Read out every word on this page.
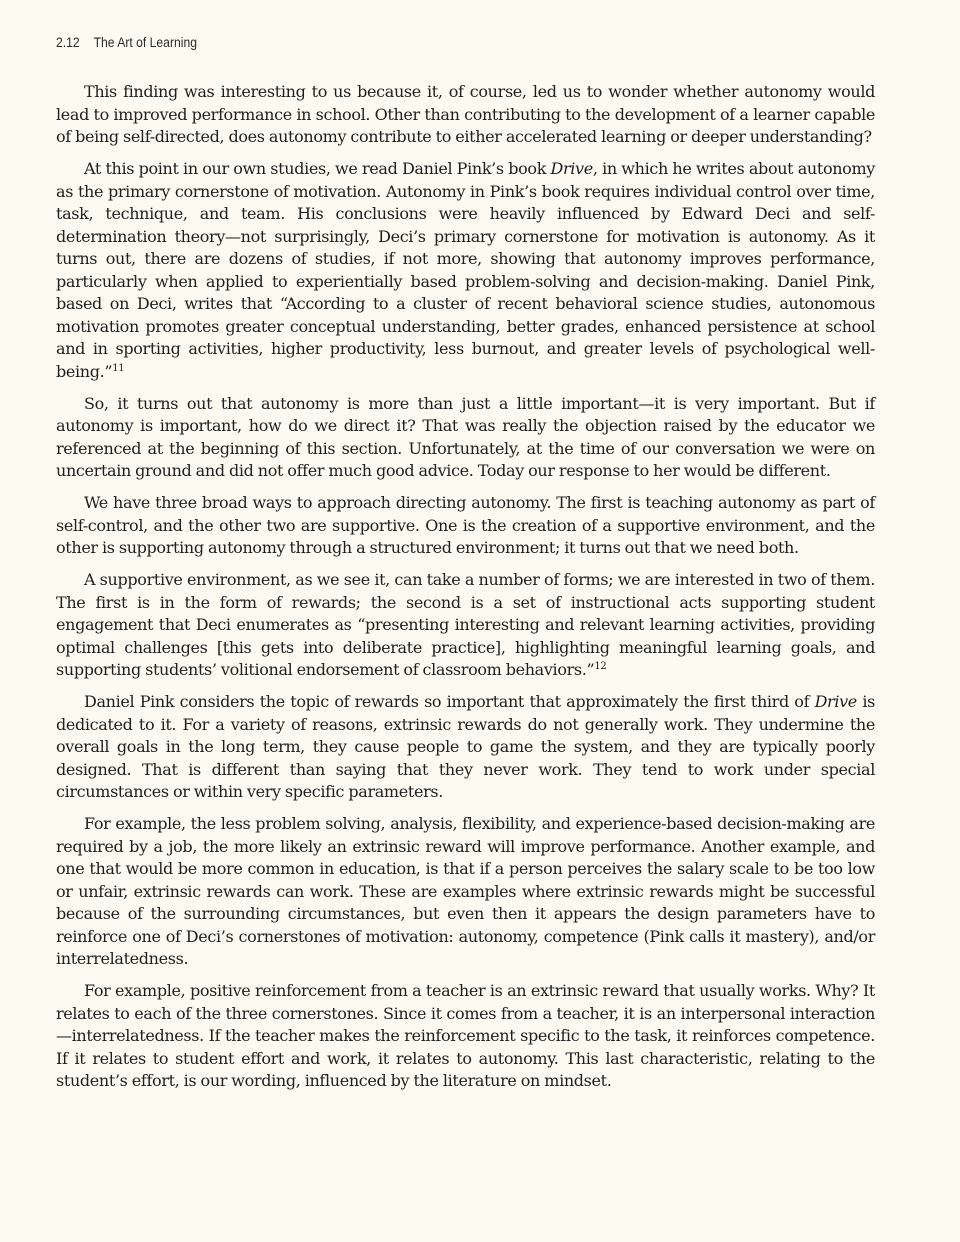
2.12 The Art of Learning

This finding was interesting to us because it, of course, led us to wonder whether autonomy would lead to improved performance in school. Other than contributing to the development of a learner capable of being self-directed, does autonomy contribute to either accelerated learning or deeper understanding?

At this point in our own studies, we read Daniel Pink’s book Drive, in which he writes about autonomy as the primary cornerstone of motivation. Autonomy in Pink’s book requires individual control over time, task, technique, and team. His conclusions were heavily influenced by Edward Deci and self-determination theory—not surprisingly, Deci’s primary cornerstone for motivation is autonomy. As it turns out, there are dozens of studies, if not more, showing that autonomy improves performance, particularly when applied to experientially based problem-solving and decision-making. Daniel Pink, based on Deci, writes that “According to a cluster of recent behavioral science studies, autonomous motivation promotes greater conceptual understanding, better grades, enhanced persistence at school and in sporting activities, higher productivity, less burnout, and greater levels of psychological well-being.”$^{11}$

So, it turns out that autonomy is more than just a little important—it is very important. But if autonomy is important, how do we direct it? That was really the objection raised by the educator we referenced at the beginning of this section. Unfortunately, at the time of our conversation we were on uncertain ground and did not offer much good advice. Today our response to her would be different.

We have three broad ways to approach directing autonomy. The first is teaching autonomy as part of self-control, and the other two are supportive. One is the creation of a supportive environment, and the other is supporting autonomy through a structured environment; it turns out that we need both.

A supportive environment, as we see it, can take a number of forms; we are interested in two of them. The first is in the form of rewards; the second is a set of instructional acts supporting student engagement that Deci enumerates as “presenting interesting and relevant learning activities, providing optimal challenges [this gets into deliberate practice], highlighting meaningful learning goals, and supporting students’ volitional endorsement of classroom behaviors.”$^{12}$

Daniel Pink considers the topic of rewards so important that approximately the first third of Drive is dedicated to it. For a variety of reasons, extrinsic rewards do not generally work. They undermine the overall goals in the long term, they cause people to game the system, and they are typically poorly designed. That is different than saying that they never work. They tend to work under special circumstances or within very specific parameters.

For example, the less problem solving, analysis, flexibility, and experience-based decision-making are required by a job, the more likely an extrinsic reward will improve performance. Another example, and one that would be more common in education, is that if a person perceives the salary scale to be too low or unfair, extrinsic rewards can work. These are examples where extrinsic rewards might be successful because of the surrounding circumstances, but even then it appears the design parameters have to reinforce one of Deci’s cornerstones of motivation: autonomy, competence (Pink calls it mastery), and/or interrelatedness.

For example, positive reinforcement from a teacher is an extrinsic reward that usually works. Why? It relates to each of the three cornerstones. Since it comes from a teacher, it is an interpersonal interaction—interrelatedness. If the teacher makes the reinforcement specific to the task, it reinforces competence. If it relates to student effort and work, it relates to autonomy. This last characteristic, relating to the student’s effort, is our wording, influenced by the literature on mindset.
